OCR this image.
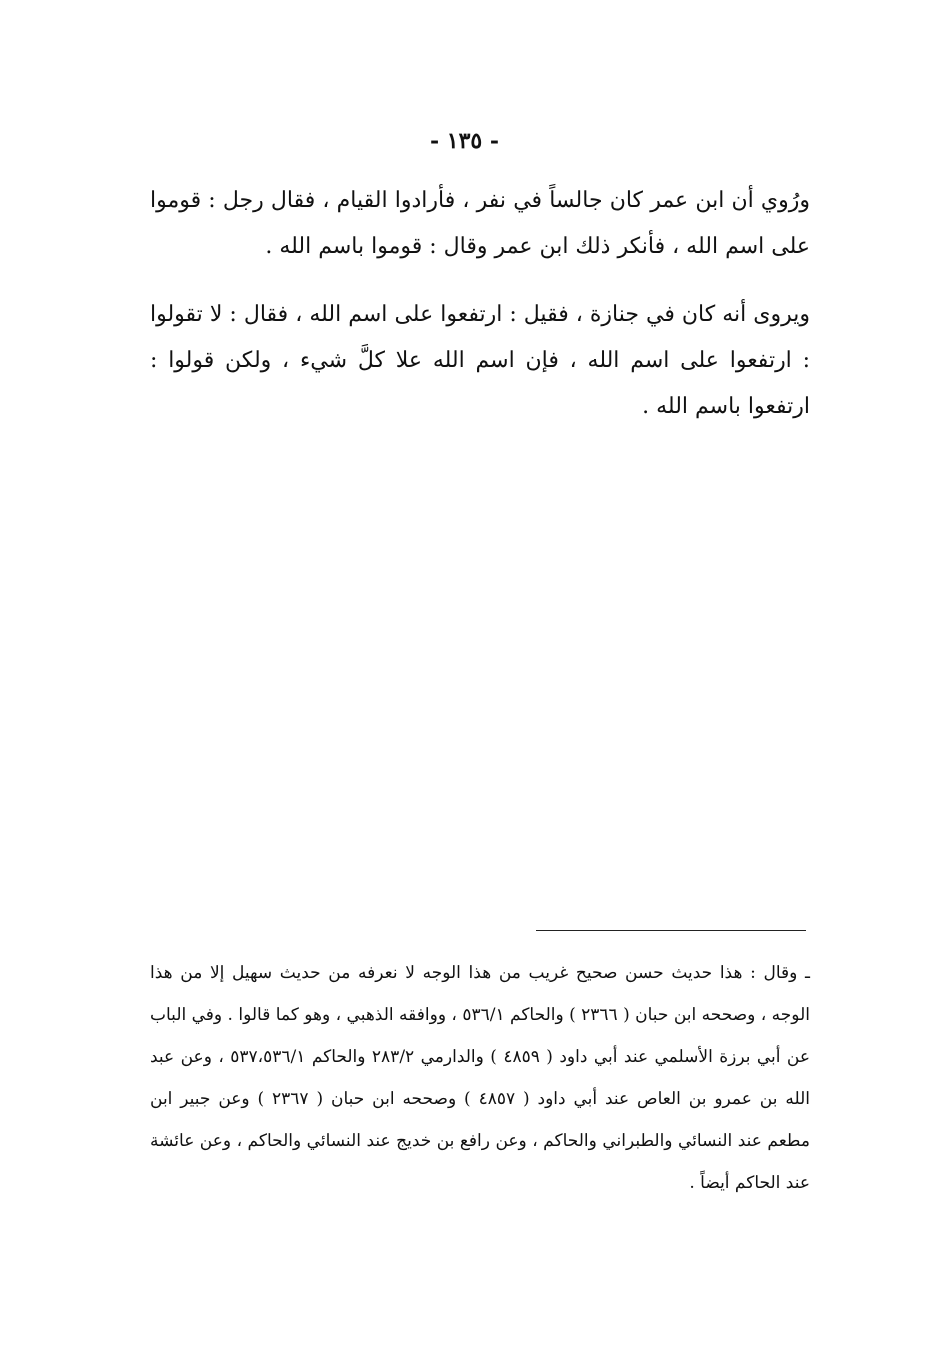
- ١٣٥ -

ورُوي أن ابن عمر كان جالساً في نفر ، فأرادوا القيام ، فقال رجل : قوموا على اسم الله ، فأنكر ذلك ابن عمر وقال : قوموا باسم الله .

ويروى أنه كان في جنازة ، فقيل : ارتفعوا على اسم الله ، فقال : لا تقولوا : ارتفعوا على اسم الله ، فإن اسم الله علا كلَّ شيء ، ولكن قولوا : ارتفعوا باسم الله .

ـ وقال : هذا حديث حسن صحيح غريب من هذا الوجه لا نعرفه من حديث سهيل إلا من هذا الوجه ، وصححه ابن حبان ( ٢٣٦٦ ) والحاكم ٥٣٦/١ ، ووافقه الذهبي ، وهو كما قالوا . وفي الباب عن أبي برزة الأسلمي عند أبي داود ( ٤٨٥٩ ) والدارمي ٢٨٣/٢ والحاكم ٥٣٧،٥٣٦/١ ، وعن عبد الله بن عمرو بن العاص عند أبي داود ( ٤٨٥٧ ) وصححه ابن حبان ( ٢٣٦٧ ) وعن جبير ابن مطعم عند النسائي والطبراني والحاكم ، وعن رافع بن خديج عند النسائي والحاكم ، وعن عائشة عند الحاكم أيضاً .
